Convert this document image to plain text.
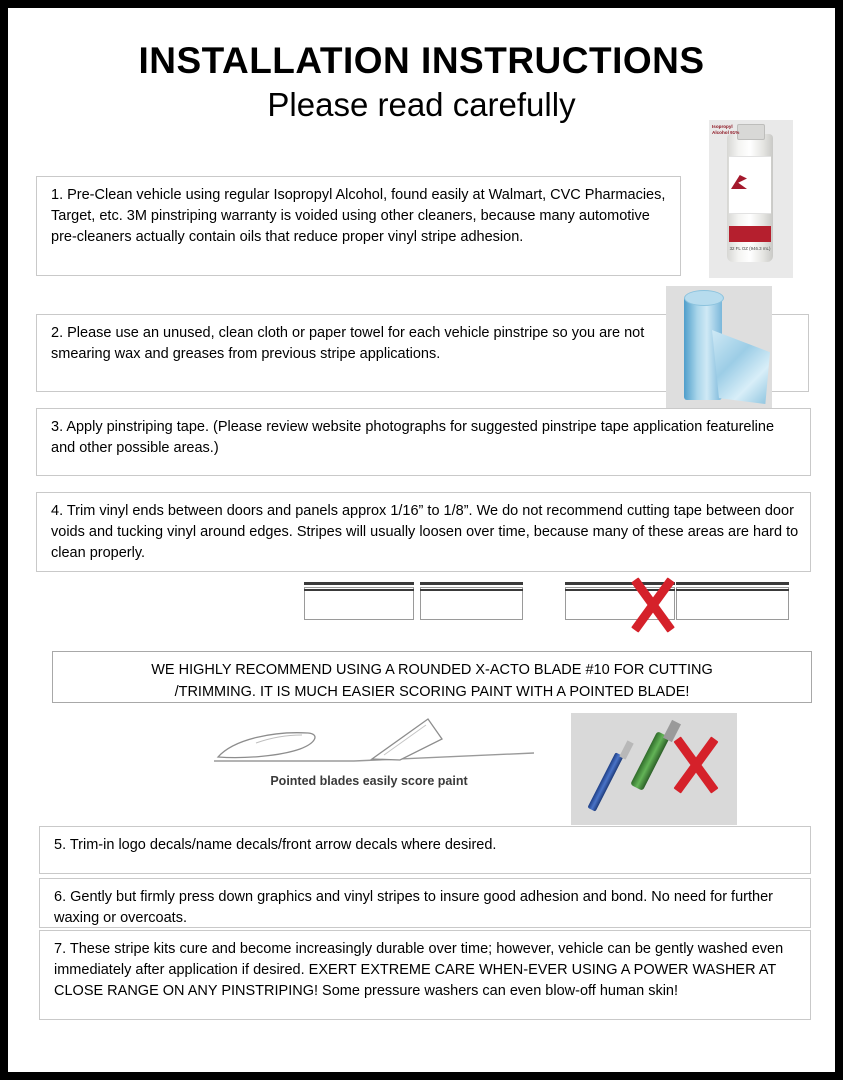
INSTALLATION INSTRUCTIONS
Please read carefully

1. Pre-Clean vehicle using regular Isopropyl Alcohol, found easily at Walmart, CVC Pharmacies, Target, etc. 3M pinstriping warranty is voided using other cleaners, because many automotive pre-cleaners actually contain oils that reduce proper vinyl stripe adhesion.

Isopropyl
Alcohol 91%
32 FL OZ (946.3 mL)

2. Please use an unused, clean cloth or paper towel for each vehicle pinstripe so you are not smearing wax and greases from previous stripe applications.

3. Apply pinstriping tape. (Please review website photographs for suggested pinstripe tape application featureline and other possible areas.)

4. Trim vinyl ends between doors and panels approx 1/16” to 1/8”. We do not recommend cutting tape between door voids and tucking vinyl around edges. Stripes will usually loosen over time, because many of these areas are hard to clean properly.

WE HIGHLY RECOMMEND USING A ROUNDED X-ACTO BLADE #10 FOR CUTTING
/TRIMMING. IT IS MUCH EASIER SCORING PAINT WITH A POINTED BLADE!
Pointed blades easily score paint

5. Trim-in logo decals/name decals/front arrow decals where desired.

6. Gently but firmly press down graphics and vinyl stripes to insure good adhesion and bond. No need for further waxing or overcoats.

7. These stripe kits cure and become increasingly durable over time; however, vehicle can be gently washed even immediately after application if desired. EXERT EXTREME CARE WHEN-EVER USING A POWER WASHER AT CLOSE RANGE ON ANY PINSTRIPING! Some pressure washers can even blow-off human skin!
